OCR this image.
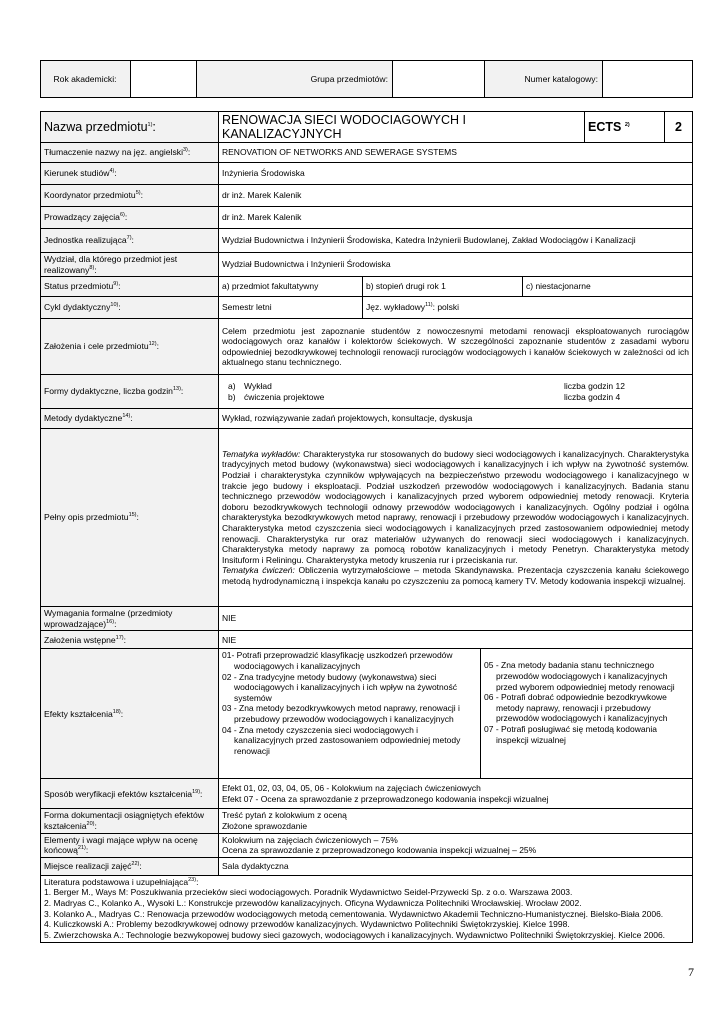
Rok akademicki:		Grupa przedmiotów:		Numer katalogowy:	
Nazwa przedmiotu$^{1)}$:	RENOWACJA SIECI WODOCIAGOWYCH I KANALIZACYJNYCH	ECTS $^{2)}$	2
Tłumaczenie nazwy na jęz. angielski$^{3)}$:	RENOVATION OF NETWORKS AND SEWERAGE SYSTEMS
Kierunek studiów$^{4)}$:	Inżynieria Środowiska
Koordynator przedmiotu$^{5)}$:	dr inż. Marek Kalenik
Prowadzący zajęcia$^{6)}$:	dr inż. Marek Kalenik
Jednostka realizująca$^{7)}$:	Wydział Budownictwa i Inżynierii Środowiska, Katedra Inżynierii Budowlanej, Zakład Wodociągów i Kanalizacji
Wydział, dla którego przedmiot jest realizowany$^{8)}$:	Wydział Budownictwa i Inżynierii Środowiska
Status przedmiotu$^{9)}$:	a) przedmiot fakultatywny	b) stopień drugi rok 1	c) niestacjonarne
Cykl dydaktyczny$^{10)}$:	Semestr letni	Jęz. wykładowy$^{11)}$: polski
Założenia i cele przedmiotu$^{12)}$:	Celem przedmiotu jest zapoznanie studentów z nowoczesnymi metodami renowacji eksploatowanych rurociągów wodociągowych oraz kanałów i kolektorów ściekowych. W szczególności zapoznanie studentów z zasadami wyboru odpowiedniej bezodkrywkowej technologii renowacji rurociągów wodociągowych i kanałów ściekowych w zależności od ich aktualnego stanu technicznego.
Formy dydaktyczne, liczba godzin$^{13)}$:	
a)	Wykład	liczba godzin 12
b)	ćwiczenia projektowe	liczba godzin 4

Metody dydaktyczne$^{14)}$:	Wykład, rozwiązywanie zadań projektowych, konsultacje, dyskusja
Pełny opis przedmiotu$^{15)}$:	Tematyka wykładów: Charakterystyka rur stosowanych do budowy sieci wodociągowych i kanalizacyjnych. Charakterystyka tradycyjnych metod budowy (wykonawstwa) sieci wodociągowych i kanalizacyjnych i ich wpływ na żywotność systemów. Podział i charakterystyka czynników wpływających na bezpieczeństwo przewodu wodociągowego i kanalizacyjnego w trakcie jego budowy i eksploatacji. Podział uszkodzeń przewodów wodociągowych i kanalizacyjnych. Badania stanu technicznego przewodów wodociągowych i kanalizacyjnych przed wyborem odpowiedniej metody renowacji. Kryteria doboru bezodkrywkowych technologii odnowy przewodów wodociągowych i kanalizacyjnych. Ogólny podział i ogólna charakterystyka bezodkrywkowych metod naprawy, renowacji i przebudowy przewodów wodociągowych i kanalizacyjnych. Charakterystyka metod czyszczenia sieci wodociągowych i kanalizacyjnych przed zastosowaniem odpowiedniej metody renowacji. Charakterystyka rur oraz materiałów używanych do renowacji sieci wodociągowych i kanalizacyjnych. Charakterystyka metody naprawy za pomocą robotów kanalizacyjnych i metody Penetryn. Charakterystyka metody Insituform i Reliningu. Charakterystyka metody kruszenia rur i przeciskania rur.
Tematyka ćwiczeń: Obliczenia wytrzymałościowe – metoda Skandynawska. Prezentacja czyszczenia kanału ściekowego metodą hydrodynamiczną i inspekcja kanału po czyszczeniu za pomocą kamery TV. Metody kodowania inspekcji wizualnej.
Wymagania formalne (przedmioty wprowadzające)$^{16)}$:	NIE
Założenia wstępne$^{17)}$:	NIE
Efekty kształcenia$^{18)}$:	

01- Potrafi przeprowadzić klasyfikację uszkodzeń przewodów wodociągowych i kanalizacyjnych

02 - Zna tradycyjne metody budowy (wykonawstwa) sieci wodociągowych i kanalizacyjnych i ich wpływ na żywotność systemów

03 - Zna metody bezodkrywkowych metod naprawy, renowacji i przebudowy przewodów wodociągowych i kanalizacyjnych

04 - Zna metody czyszczenia sieci wodociągowych i kanalizacyjnych przed zastosowaniem odpowiedniej metody renowacji

05 - Zna metody badania stanu technicznego przewodów wodociągowych i kanalizacyjnych przed wyborem odpowiedniej metody renowacji

06 - Potrafi dobrać odpowiednie bezodkrywkowe metody naprawy, renowacji i przebudowy przewodów wodociągowych i kanalizacyjnych

07 - Potrafi posługiwać się metodą kodowania inspekcji wizualnej

Sposób weryfikacji efektów kształcenia$^{19)}$:	
Efekt 01, 02, 03, 04, 05, 06 - Kolokwium na zajęciach ćwiczeniowych
Efekt 07 - Ocena za sprawozdanie z przeprowadzonego kodowania inspekcji wizualnej

Forma dokumentacji osiągniętych efektów kształcenia$^{20)}$:	
Treść pytań z kolokwium z oceną
Złożone sprawozdanie

Elementy i wagi mające wpływ na ocenę końcową$^{21)}$:	
Kolokwium na zajęciach ćwiczeniowych – 75%
Ocena za sprawozdanie z przeprowadzonego kodowania inspekcji wizualnej – 25%

Miejsce realizacji zajęć$^{22)}$:	Sala dydaktyczna

Literatura podstawowa i uzupełniająca$^{23)}$:
1. Berger M., Ways M: Poszukiwania przecieków sieci wodociągowych. Poradnik Wydawnictwo Seidel-Przywecki Sp. z o.o. Warszawa 2003.
2. Madryas C., Kolanko A., Wysoki L.: Konstrukcje przewodów kanalizacyjnych. Oficyna Wydawnicza Politechniki Wrocławskiej. Wrocław 2002.
3. Kolanko A., Madryas C.: Renowacja przewodów wodociągowych metodą cementowania. Wydawnictwo Akademii Techniczno-Humanistycznej. Bielsko-Biała 2006.
4. Kuliczkowski A.: Problemy bezodkrywkowej odnowy przewodów kanalizacyjnych. Wydawnictwo Politechniki Świętokrzyskiej. Kielce 1998.
5. Zwierzchowska A.: Technologie bezwykopowej budowy sieci gazowych, wodociągowych i kanalizacyjnych. Wydawnictwo Politechniki Świętokrzyskiej. Kielce 2006.
7
